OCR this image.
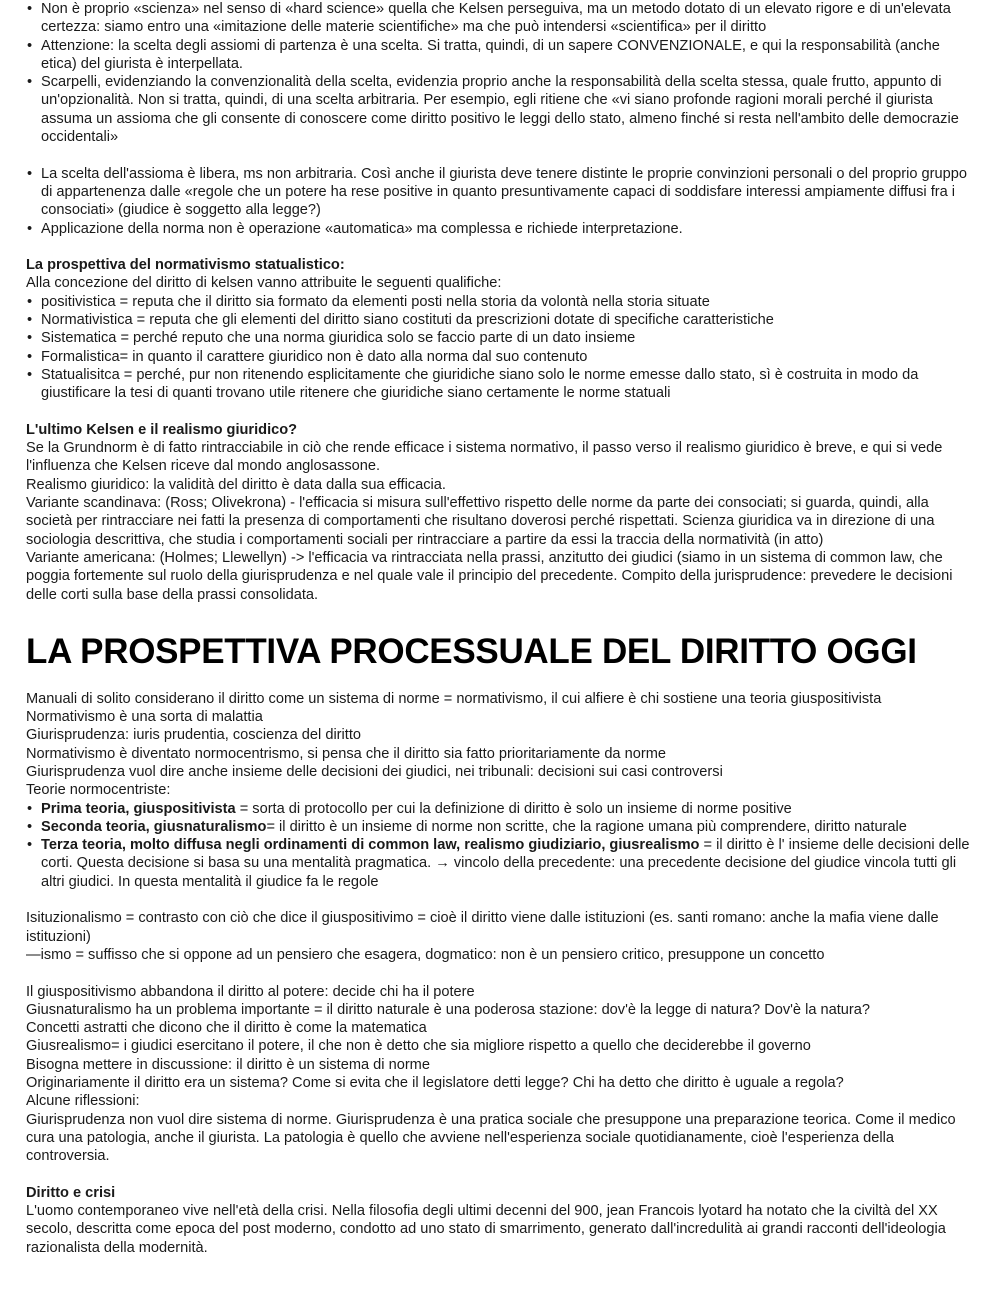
• Non è proprio «scienza» nel senso di «hard science» quella che Kelsen perseguiva, ma un metodo dotato di un elevato rigore e di un'elevata certezza: siamo entro una «imitazione delle materie scientifiche» ma che può intendersi «scientifica» per il diritto
• Attenzione: la scelta degli assiomi di partenza è una scelta. Si tratta, quindi, di un sapere CONVENZIONALE, e qui la responsabilità (anche etica) del giurista è interpellata.
• Scarpelli, evidenziando la convenzionalità della scelta, evidenzia proprio anche la responsabilità della scelta stessa, quale frutto, appunto di un'opzionalità. Non si tratta, quindi, di una scelta arbitraria. Per esempio, egli ritiene che «vi siano profonde ragioni morali perché il giurista assuma un assioma che gli consente di conoscere come diritto positivo le leggi dello stato, almeno finché si resta nell'ambito delle democrazie occidentali»
• La scelta dell'assioma è libera, ms non arbitraria. Così anche il giurista deve tenere distinte le proprie convinzioni personali o del proprio gruppo di appartenenza dalle «regole che un potere ha rese positive in quanto presuntivamente capaci di soddisfare interessi ampiamente diffusi fra i consociati» (giudice è soggetto alla legge?)
• Applicazione della norma non è operazione «automatica» ma complessa e richiede interpretazione.

La prospettiva del normativismo statualistico:

Alla concezione del diritto di kelsen vanno attribuite le seguenti qualifiche:

• positivistica = reputa che il diritto sia formato da elementi posti nella storia da volontà nella storia situate
• Normativistica = reputa che gli elementi del diritto siano costituti da prescrizioni dotate di specifiche caratteristiche
• Sistematica = perché reputo che una norma giuridica solo se faccio parte di un dato insieme
• Formalistica= in quanto il carattere giuridico non è dato alla norma dal suo contenuto
• Statualisitca = perché, pur non ritenendo esplicitamente che giuridiche siano solo le norme emesse dallo stato, sì è costruita in modo da giustificare la tesi di quanti trovano utile ritenere che giuridiche siano certamente le norme statuali

L'ultimo Kelsen e il realismo giuridico?

Se la Grundnorm è di fatto rintracciabile in ciò che rende efficace i sistema normativo, il passo verso il realismo giuridico è breve, e qui si vede l'influenza che Kelsen riceve dal mondo anglosassone.

Realismo giuridico: la validità del diritto è data dalla sua efficacia.

Variante scandinava: (Ross; Olivekrona) - l'efficacia si misura sull'effettivo rispetto delle norme da parte dei consociati; si guarda, quindi, alla società per rintracciare nei fatti la presenza di comportamenti che risultano doverosi perché rispettati. Scienza giuridica va in direzione di una sociologia descrittiva, che studia i comportamenti sociali per rintracciare a partire da essi la traccia della normatività (in atto)

Variante americana: (Holmes; Llewellyn) -> l'efficacia va rintracciata nella prassi, anzitutto dei giudici (siamo in un sistema di common law, che poggia fortemente sul ruolo della giurisprudenza e nel quale vale il principio del precedente. Compito della jurisprudence: prevedere le decisioni delle corti sulla base della prassi consolidata.

LA PROSPETTIVA PROCESSUALE DEL DIRITTO OGGI

Manuali di solito considerano il diritto come un sistema di norme = normativismo, il cui alfiere è chi sostiene una teoria giuspositivista

Normativismo è una sorta di malattia

Giurisprudenza: iuris prudentia, coscienza del diritto

Normativismo è diventato normocentrismo, si pensa che il diritto sia fatto prioritariamente da norme

Giurisprudenza vuol dire anche insieme delle decisioni dei giudici, nei tribunali: decisioni sui casi controversi

Teorie normocentriste:

• Prima teoria, giuspositivista = sorta di protocollo per cui la definizione di diritto è solo un insieme di norme positive
• Seconda teoria, giusnaturalismo= il diritto è un insieme di norme non scritte, che la ragione umana più comprendere, diritto naturale
• Terza teoria, molto diffusa negli ordinamenti di common law, realismo giudiziario, giusrealismo = il diritto è l' insieme delle decisioni delle corti. Questa decisione si basa su una mentalità pragmatica. → vincolo della precedente: una precedente decisione del giudice vincola tutti gli altri giudici. In questa mentalità il giudice fa le regole

Isituzionalismo = contrasto con ciò che dice il giuspositivimo = cioè il diritto viene dalle istituzioni (es. santi romano: anche la mafia viene dalle istituzioni)

—ismo = suffisso che si oppone ad un pensiero che esagera, dogmatico: non è un pensiero critico, presuppone un concetto

Il giuspositivismo abbandona il diritto al potere: decide chi ha il potere

Giusnaturalismo ha un problema importante = il diritto naturale è una poderosa stazione: dov'è la legge di natura? Dov'è la natura?

Concetti astratti che dicono che il diritto è come la matematica

Giusrealismo= i giudici esercitano il potere, il che non è detto che sia migliore rispetto a quello che deciderebbe il governo

Bisogna mettere in discussione: il diritto è un sistema di norme

Originariamente il diritto era un sistema? Come si evita che il legislatore detti legge? Chi ha detto che diritto è uguale a regola?

Alcune riflessioni:

Giurisprudenza non vuol dire sistema di norme. Giurisprudenza è una pratica sociale che presuppone una preparazione teorica. Come il medico cura una patologia, anche il giurista. La patologia è quello che avviene nell'esperienza sociale quotidianamente, cioè l'esperienza della controversia.

Diritto e crisi

L'uomo contemporaneo vive nell'età della crisi. Nella filosofia degli ultimi decenni del 900, jean Francois lyotard ha notato che la civiltà del XX secolo, descritta come epoca del post moderno, condotto ad uno stato di smarrimento, generato dall'incredulità ai grandi racconti dell'ideologia razionalista della modernità.
